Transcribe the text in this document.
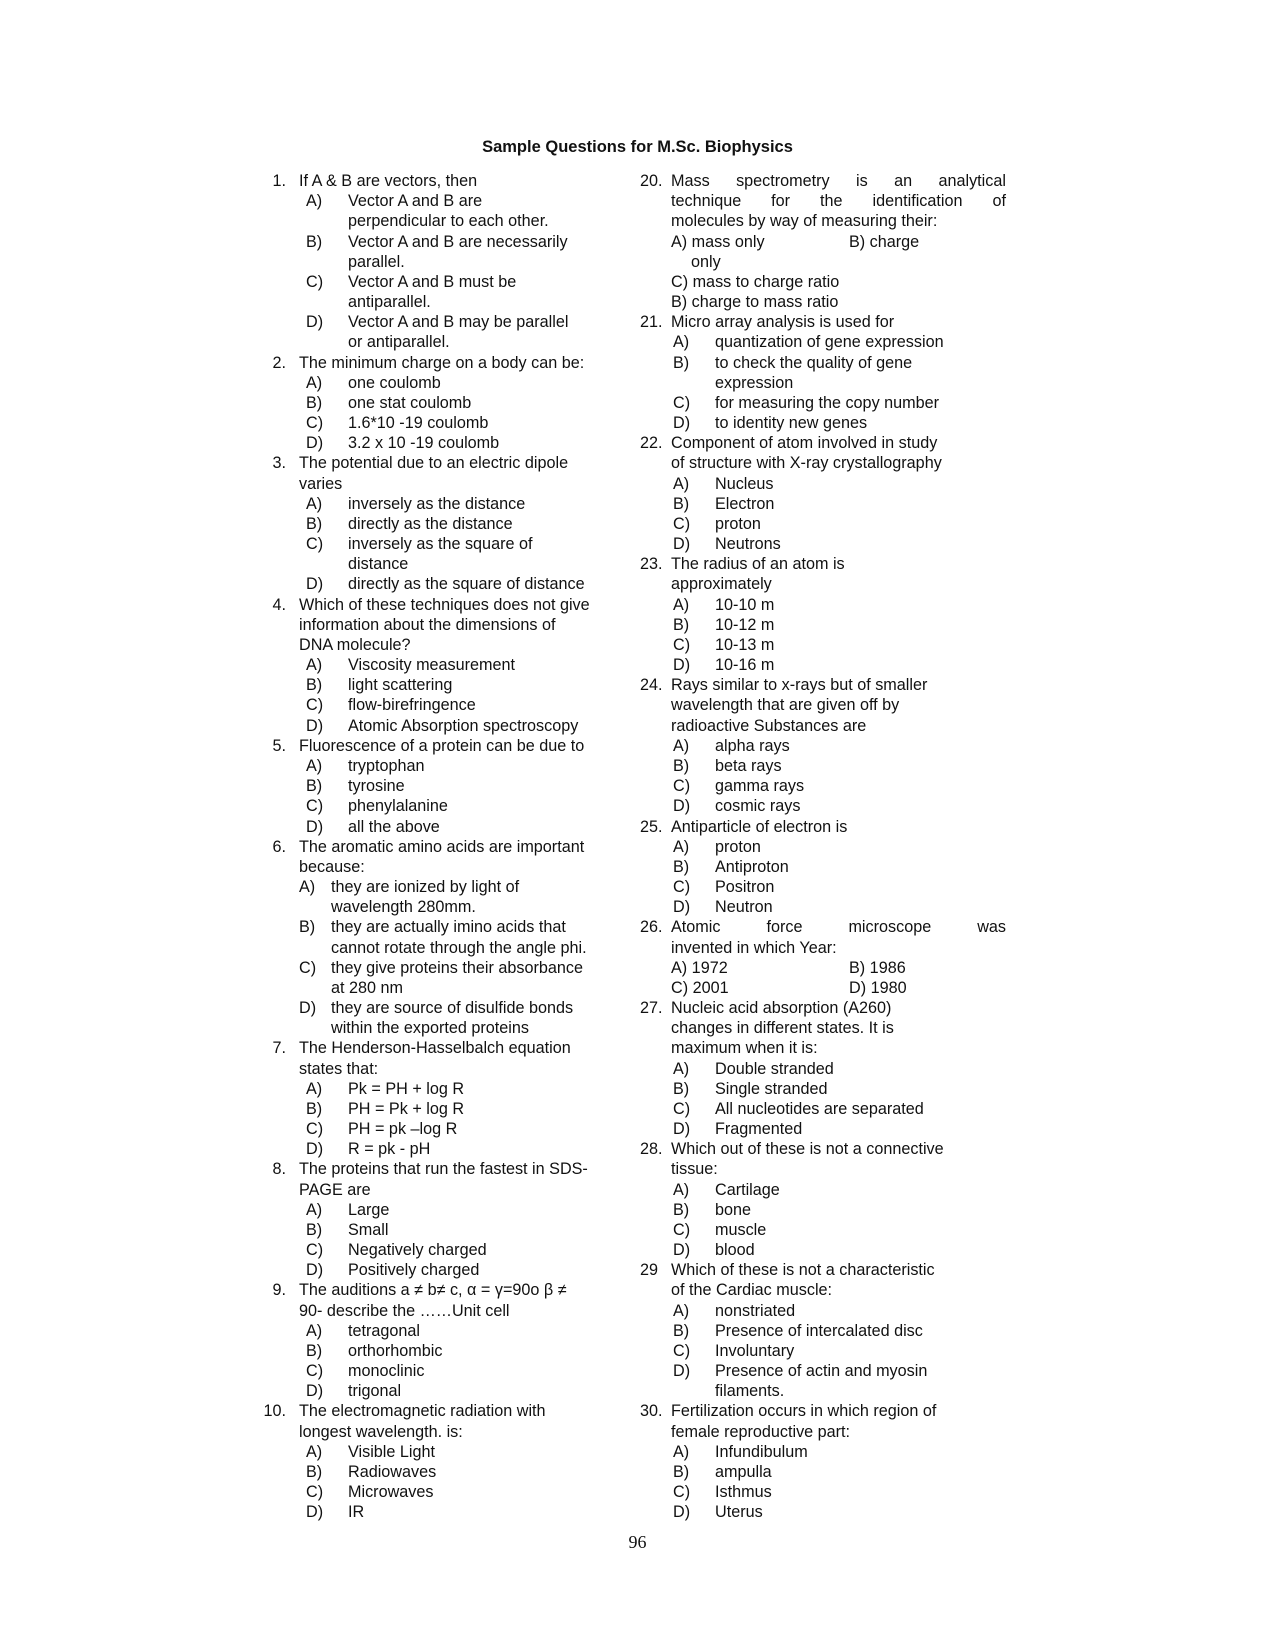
Sample Questions for M.Sc. Biophysics
1. If A & B are vectors, then
A) Vector A and B are
perpendicular to each other.
B) Vector A and B are necessarily
parallel.
C) Vector A and B must be
antiparallel.
D) Vector A and B may be parallel
or antiparallel.
2. The minimum charge on a body can be:
A) one coulomb
B) one stat coulomb
C) 1.6*10 -19 coulomb
D) 3.2 x 10 -19 coulomb
3. The potential due to an electric dipole
varies
A) inversely as the distance
B) directly as the distance
C) inversely as the square of
distance
D) directly as the square of distance
4. Which of these techniques does not give
information about the dimensions of
DNA molecule?
A) Viscosity measurement
B) light scattering
C) flow-birefringence
D) Atomic Absorption spectroscopy
5. Fluorescence of a protein can be due to
A) tryptophan
B) tyrosine
C) phenylalanine
D) all the above
6. The aromatic amino acids are important
because:
A) they are ionized by light of
wavelength 280mm.
B) they are actually imino acids that
cannot rotate through the angle phi.
C) they give proteins their absorbance
at 280 nm
D) they are source of disulfide bonds
within the exported proteins
7. The Henderson-Hasselbalch equation
states that:
A) Pk = PH + log R
B) PH = Pk + log R
C) PH = pk –log R
D) R = pk - pH
8. The proteins that run the fastest in SDS-
PAGE are
A) Large
B) Small
C) Negatively charged
D) Positively charged
9. The auditions a ≠ b≠ c, α = γ=90o β ≠
90- describe the ……Unit cell
A) tetragonal
B) orthorhombic
C) monoclinic
D) trigonal
10. The electromagnetic radiation with
longest wavelength. is:
A) Visible Light
B) Radiowaves
C) Microwaves
D) IR
20. Mass spectrometry is an analytical
technique for the identification of
molecules by way of measuring their:
A) mass only	B) charge
only
C) mass to charge ratio
B) charge to mass ratio
21. Micro array analysis is used for
A) quantization of gene expression
B) to check the quality of gene
expression
C) for measuring the copy number
D) to identity new genes
22. Component of atom involved in study
of structure with X-ray crystallography
A) Nucleus
B) Electron
C) proton
D) Neutrons
23. The radius of an atom is
approximately
A) 10-10 m
B) 10-12 m
C) 10-13 m
D) 10-16 m
24. Rays similar to x-rays but of smaller
wavelength that are given off by
radioactive Substances are
A) alpha rays
B) beta rays
C) gamma rays
D) cosmic rays
25. Antiparticle of electron is
A) proton
B) Antiproton
C) Positron
D) Neutron
26. Atomic	force	microscope	was
invented in which Year:
A) 1972	B) 1986
C) 2001	D) 1980
27. Nucleic acid absorption (A260)
changes in different states. It is
maximum when it is:
A) Double stranded
B) Single stranded
C) All nucleotides are separated
D) Fragmented
28. Which out of these is not a connective
tissue:
A) Cartilage
B) bone
C) muscle
D) blood
29 Which of these is not a characteristic
of the Cardiac muscle:
A) nonstriated
B) Presence of intercalated disc
C) Involuntary
D) Presence of actin and myosin
filaments.
30. Fertilization occurs in which region of
female reproductive part:
A) Infundibulum
B) ampulla
C) Isthmus
D) Uterus
96
